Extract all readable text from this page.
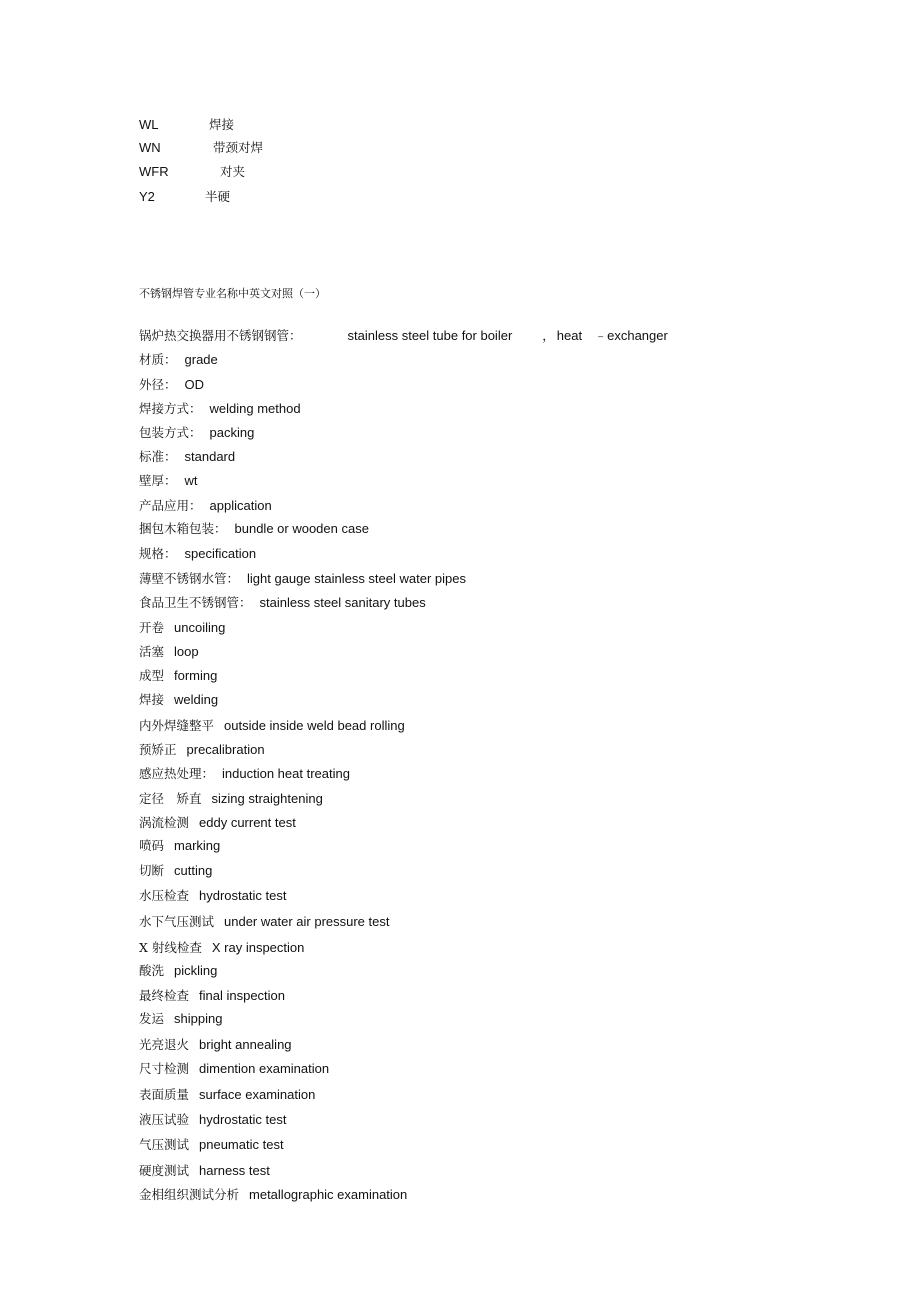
WL	焊接
WN	带颈对焊
WFR	对夹
Y2	半硬
不锈钢焊管专业名称中英文对照（一）
锅炉热交换器用不锈钢钢管：	stainless steel tube for boiler ， heat ﹣exchanger
材质： grade
外径： OD
焊接方式： welding method
包装方式： packing
标准： standard
壁厚： wt
产品应用： application
捆包木箱包装： bundle or wooden case
规格： specification
薄壁不锈钢水管： light gauge stainless steel water pipes
食品卫生不锈钢管： stainless steel sanitary tubes
开卷 uncoiling
活塞 loop
成型 forming
焊接 welding
内外焊缝整平 outside inside weld bead rolling
预矫正 precalibration
感应热处理： induction heat treating
定径　矫直 sizing straightening
涡流检测 eddy current test
喷码 marking
切断 cutting
水压检查 hydrostatic test
水下气压测试 under water air pressure test
X 射线检查 X ray inspection
酸洗 pickling
最终检查 final inspection
发运 shipping
光亮退火 bright annealing
尺寸检测 dimention examination
表面质量 surface examination
液压试验 hydrostatic test
气压测试 pneumatic test
硬度测试 harness test
金相组织测试分析 metallographic examination
